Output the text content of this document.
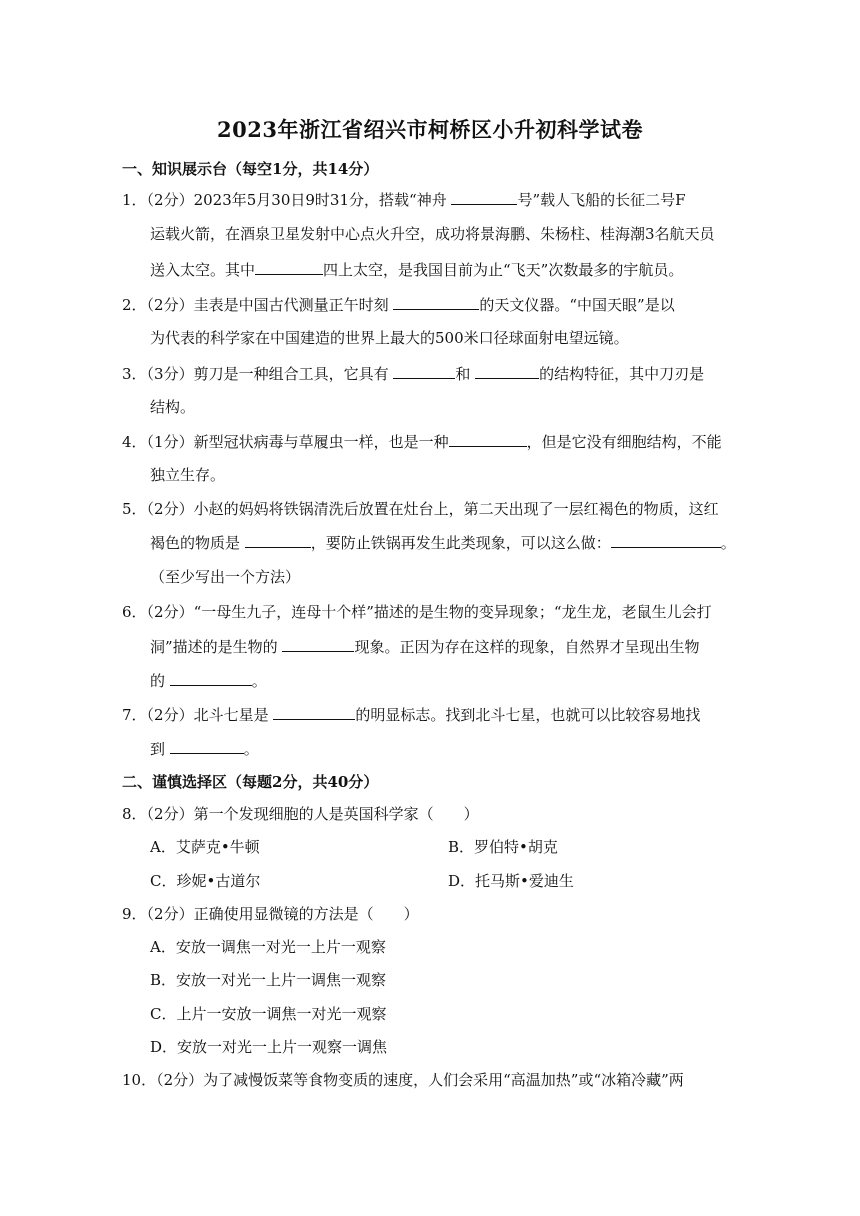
2023年浙江省绍兴市柯桥区小升初科学试卷
一、知识展示台（每空1分，共14分）
1．（2分）2023年5月30日9时31分，搭载“神舟	号”载人飞船的长征二号F
运载火箭，在酒泉卫星发射中心点火升空，成功将景海鹏、朱杨柱、桂海潮3名航天员
送入太空。其中	四上太空，是我国目前为止“飞天”次数最多的宇航员。
2．（2分）圭表是中国古代测量正午时刻	的天文仪器。“中国天眼”是以
为代表的科学家在中国建造的世界上最大的500米口径球面射电望远镜。
3．（3分）剪刀是一种组合工具，它具有	和	的结构特征，其中刀刃是
结构。
4．（1分）新型冠状病毒与草履虫一样，也是一种	，但是它没有细胞结构，不能
独立生存。
5．（2分）小赵的妈妈将铁锅清洗后放置在灶台上，第二天出现了一层红褐色的物质，这红
褐色的物质是	，要防止铁锅再发生此类现象，可以这么做：	。
（至少写出一个方法）
6．（2分）“一母生九子，连母十个样”描述的是生物的变异现象；“龙生龙，老鼠生儿会打
洞”描述的是生物的	现象。正因为存在这样的现象，自然界才呈现出生物
的	。
7．（2分）北斗七星是	的明显标志。找到北斗七星，也就可以比较容易地找
到	。
二、谨慎选择区（每题2分，共40分）
8．（2分）第一个发现细胞的人是英国科学家（　　）
A．艾萨克•牛顿	B．罗伯特•胡克
C．珍妮•古道尔	D．托马斯•爱迪生
9．（2分）正确使用显微镜的方法是（　　）
A．安放一调焦一对光一上片一观察
B．安放一对光一上片一调焦一观察
C．上片一安放一调焦一对光一观察
D．安放一对光一上片一观察一调焦
10．（2分）为了减慢饭菜等食物变质的速度，人们会采用“高温加热”或“冰箱冷藏”两
